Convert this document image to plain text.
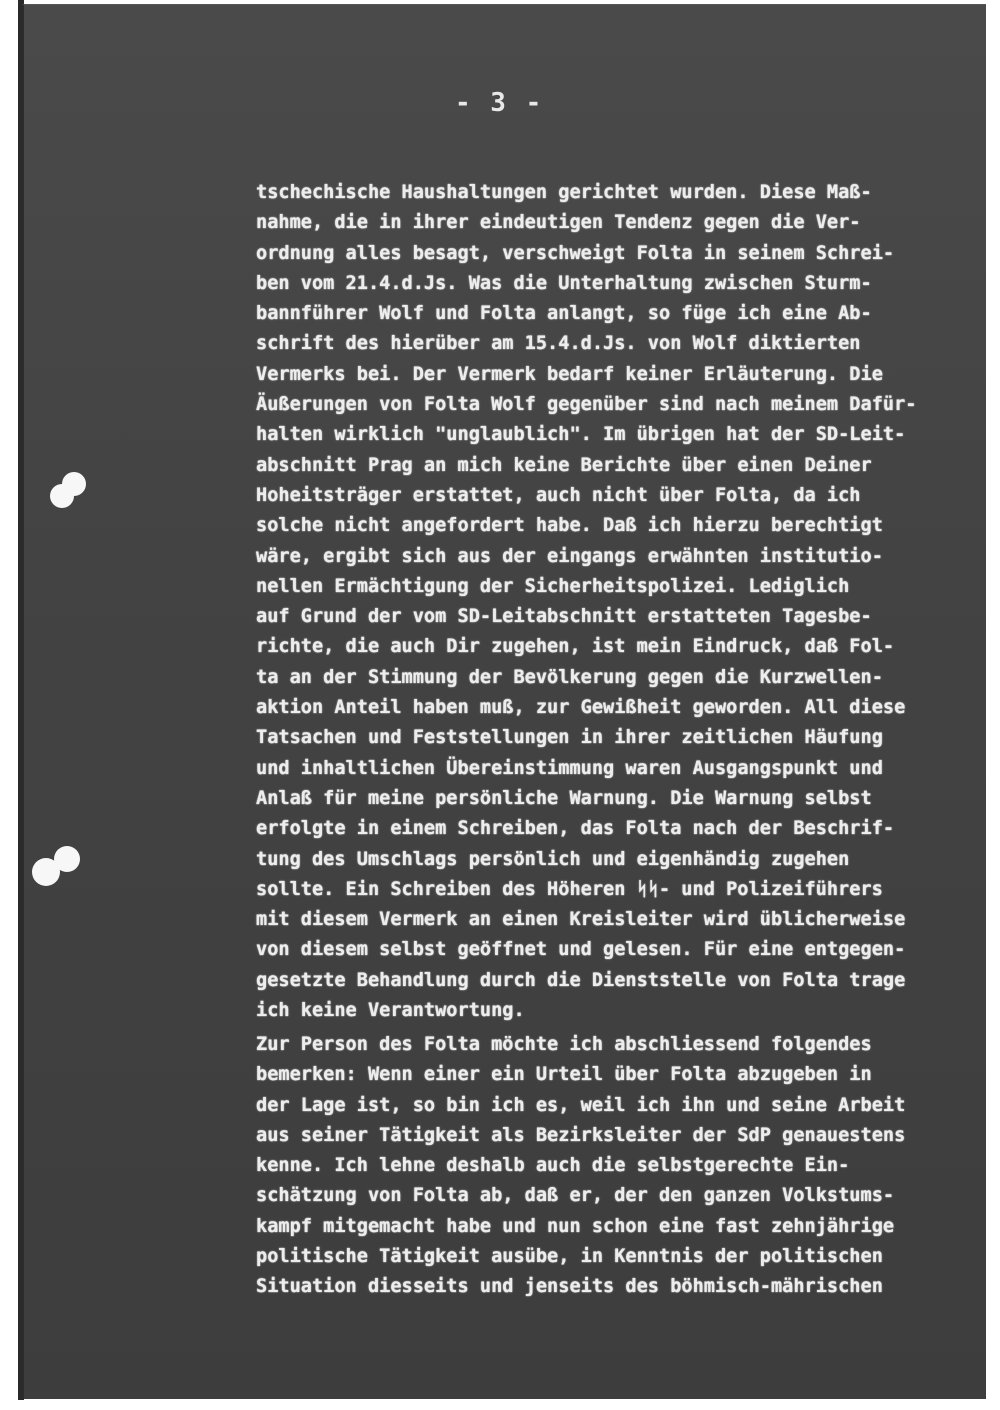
- 3 -
tschechische Haushaltungen gerichtet wurden. Diese Maß-
nahme, die in ihrer eindeutigen Tendenz gegen die Ver-
ordnung alles besagt, verschweigt Folta in seinem Schrei-
ben vom 21.4.d.Js. Was die Unterhaltung zwischen Sturm-
bannführer Wolf und Folta anlangt, so füge ich eine Ab-
schrift des hierüber am 15.4.d.Js. von Wolf diktierten
Vermerks bei. Der Vermerk bedarf keiner Erläuterung. Die
Äußerungen von Folta Wolf gegenüber sind nach meinem Dafür-
halten wirklich "unglaublich". Im übrigen hat der SD-Leit-
abschnitt Prag an mich keine Berichte über einen Deiner
Hoheitsträger erstattet, auch nicht über Folta, da ich
solche nicht angefordert habe. Daß ich hierzu berechtigt
wäre, ergibt sich aus der eingangs erwähnten institutio-
nellen Ermächtigung der Sicherheitspolizei. Lediglich
auf Grund der vom SD-Leitabschnitt erstatteten Tagesbe-
richte, die auch Dir zugehen, ist mein Eindruck, daß Fol-
ta an der Stimmung der Bevölkerung gegen die Kurzwellen-
aktion Anteil haben muß, zur Gewißheit geworden. All diese
Tatsachen und Feststellungen in ihrer zeitlichen Häufung
und inhaltlichen Übereinstimmung waren Ausgangspunkt und
Anlaß für meine persönliche Warnung. Die Warnung selbst
erfolgte in einem Schreiben, das Folta nach der Beschrif-
tung des Umschlags persönlich und eigenhändig zugehen
sollte. Ein Schreiben des Höheren ᛋᛋ- und Polizeiführers
mit diesem Vermerk an einen Kreisleiter wird üblicherweise
von diesem selbst geöffnet und gelesen. Für eine entgegen-
gesetzte Behandlung durch die Dienststelle von Folta trage
ich keine Verantwortung.
Zur Person des Folta möchte ich abschliessend folgendes
bemerken: Wenn einer ein Urteil über Folta abzugeben in
der Lage ist, so bin ich es, weil ich ihn und seine Arbeit
aus seiner Tätigkeit als Bezirksleiter der SdP genauestens
kenne. Ich lehne deshalb auch die selbstgerechte Ein-
schätzung von Folta ab, daß er, der den ganzen Volkstums-
kampf mitgemacht habe und nun schon eine fast zehnjährige
politische Tätigkeit ausübe, in Kenntnis der politischen
Situation diesseits und jenseits des böhmisch-mährischen
